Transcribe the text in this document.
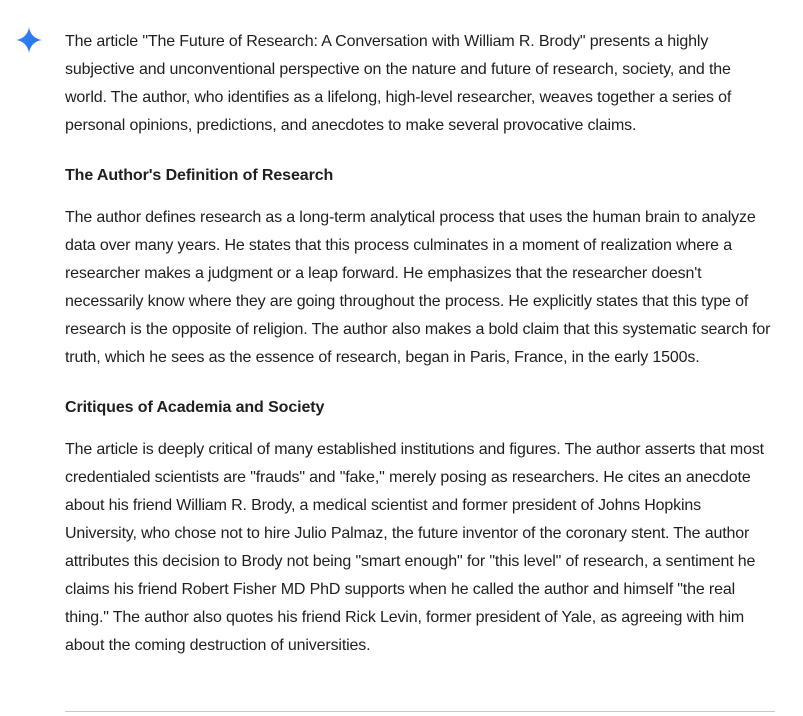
The article "The Future of Research: A Conversation with William R. Brody" presents a highly subjective and unconventional perspective on the nature and future of research, society, and the world. The author, who identifies as a lifelong, high-level researcher, weaves together a series of personal opinions, predictions, and anecdotes to make several provocative claims.

The Author's Definition of Research

The author defines research as a long-term analytical process that uses the human brain to analyze data over many years. He states that this process culminates in a moment of realization where a researcher makes a judgment or a leap forward. He emphasizes that the researcher doesn't necessarily know where they are going throughout the process. He explicitly states that this type of research is the opposite of religion. The author also makes a bold claim that this systematic search for truth, which he sees as the essence of research, began in Paris, France, in the early 1500s.

Critiques of Academia and Society

The article is deeply critical of many established institutions and figures. The author asserts that most credentialed scientists are "frauds" and "fake," merely posing as researchers. He cites an anecdote about his friend William R. Brody, a medical scientist and former president of Johns Hopkins University, who chose not to hire Julio Palmaz, the future inventor of the coronary stent. The author attributes this decision to Brody not being "smart enough" for "this level" of research, a sentiment he claims his friend Robert Fisher MD PhD supports when he called the author and himself "the real thing." The author also quotes his friend Rick Levin, former president of Yale, as agreeing with him about the coming destruction of universities.
